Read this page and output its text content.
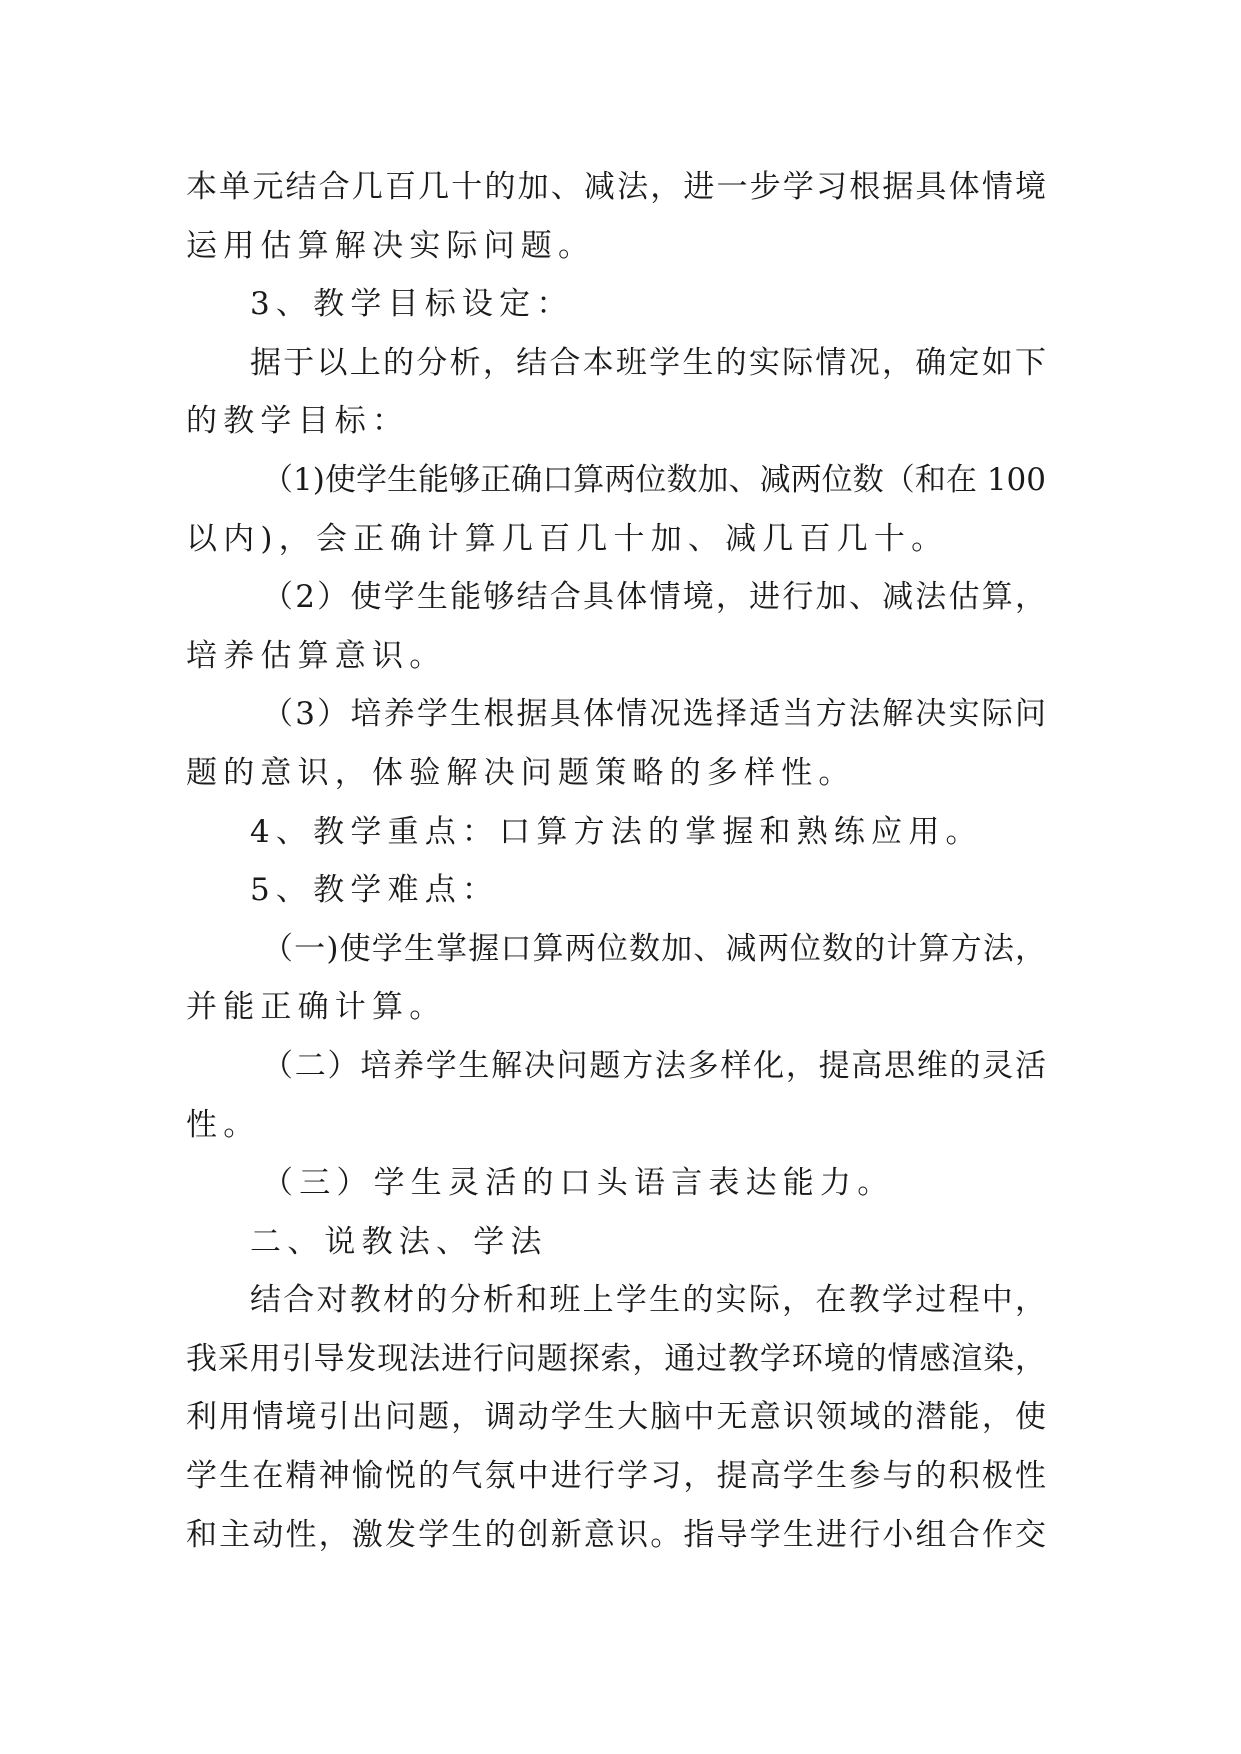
本单元结合几百几十的加、减法，进一步学习根据具体情境
运用估算解决实际问题。
3、教学目标设定：
据于以上的分析，结合本班学生的实际情况，确定如下
的教学目标：
（1)使学生能够正确口算两位数加、减两位数（和在 100
以内)，会正确计算几百几十加、减几百几十。
（2）使学生能够结合具体情境，进行加、减法估算，
培养估算意识。
（3）培养学生根据具体情况选择适当方法解决实际问
题的意识，体验解决问题策略的多样性。
4、教学重点：口算方法的掌握和熟练应用。
5、教学难点：
（一)使学生掌握口算两位数加、减两位数的计算方法，
并能正确计算。
（二）培养学生解决问题方法多样化，提高思维的灵活
性。
（三）学生灵活的口头语言表达能力。
二、说教法、学法
结合对教材的分析和班上学生的实际，在教学过程中，
我采用引导发现法进行问题探索，通过教学环境的情感渲染，
利用情境引出问题，调动学生大脑中无意识领域的潜能，使
学生在精神愉悦的气氛中进行学习，提高学生参与的积极性
和主动性，激发学生的创新意识。指导学生进行小组合作交
